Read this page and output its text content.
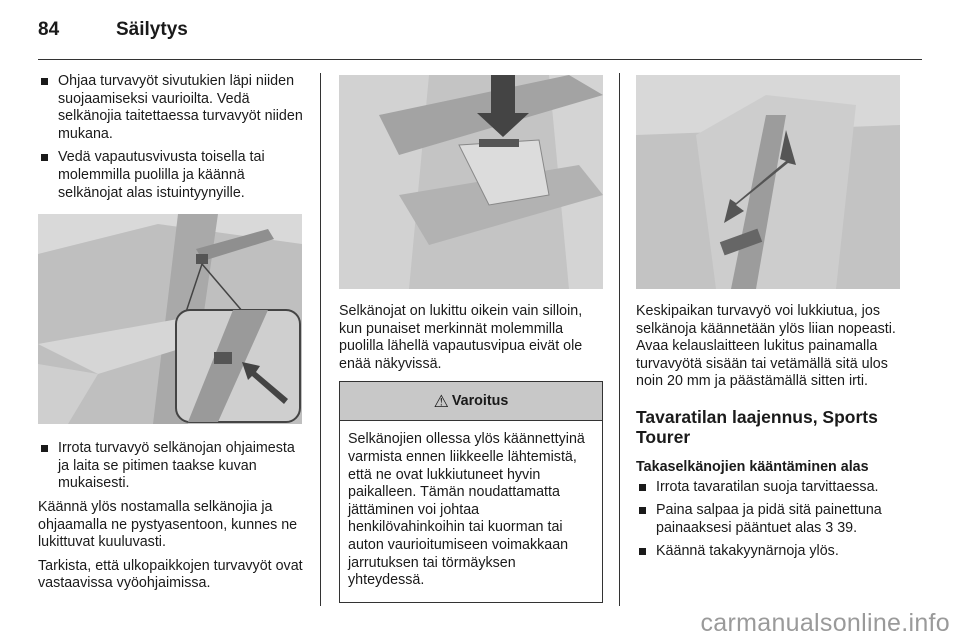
84	Säilytys
Ohjaa turvavyöt sivutukien läpi niiden suojaamiseksi vaurioilta. Vedä selkänojia taitettaessa turvavyöt niiden mukana.
Vedä vapautusvivusta toisella tai molemmilla puolilla ja käännä selkänojat alas istuintyynyille.
Irrota turvavyö selkänojan ohjaimesta ja laita se pitimen taakse kuvan mukaisesti.

Käännä ylös nostamalla selkänojia ja ohjaamalla ne pystyasentoon, kunnes ne lukittuvat kuuluvasti.

Tarkista, että ulkopaikkojen turvavyöt ovat vastaavissa vyöohjaimissa.

Selkänojat on lukittu oikein vain silloin, kun punaiset merkinnät molemmilla puolilla lähellä vapautusvipua eivät ole enää näkyvissä.

⚠ Varoitus
Selkänojien ollessa ylös käännettyinä varmista ennen liikkeelle lähtemistä, että ne ovat lukkiutuneet hyvin paikalleen. Tämän noudattamatta jättäminen voi johtaa henkilövahinkoihin tai kuorman tai auton vaurioitumiseen voimakkaan jarrutuksen tai törmäyksen yhteydessä.

Keskipaikan turvavyö voi lukkiutua, jos selkänoja käännetään ylös liian nopeasti. Avaa kelauslaitteen lukitus painamalla turvavyötä sisään tai vetämällä sitä ulos noin 20 mm ja päästämällä sitten irti.

Tavaratilan laajennus, Sports Tourer
Takaselkänojien kääntäminen alas
Irrota tavaratilan suoja tarvittaessa.
Paina salpaa ja pidä sitä painettuna painaaksesi pääntuet alas 3 39.
Käännä takakyynärnoja ylös.
carmanualsonline.info
